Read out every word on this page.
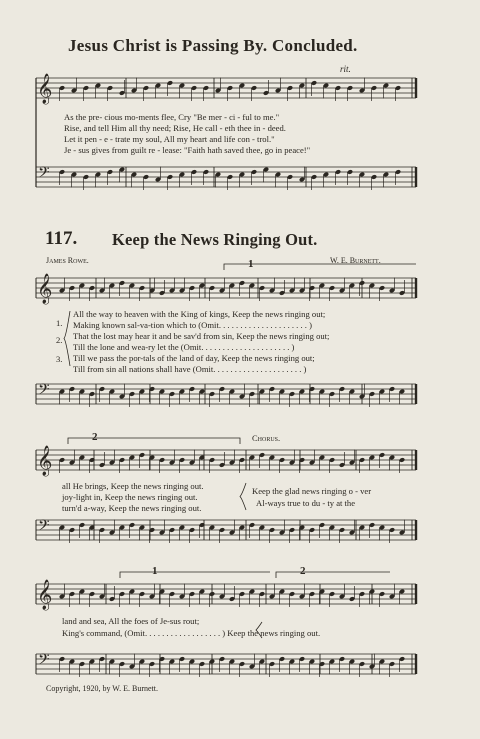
Jesus Christ is Passing By. Concluded.
𝄞
𝄢
𝄞
𝄢
𝄞
𝄢
𝄞
𝄢
rit.
As the pre- cious mo-ments flee, Cry "Be mer - ci - ful to me."
Rise, and tell Him all thy need; Rise, He call - eth thee in - deed.
Let it pen - e - trate my soul, All my heart and life con - trol."
Je - sus gives from guilt re - lease: "Faith hath saved thee, go in peace!"
117. Keep the News Ringing Out.
James Rowe.	W. E. Burnett.
1
2	Chorus.
1	2
1.
2.
3.
All the way to heaven with the King of kings, Keep the news ringing out;
Making known sal-va-tion which to (Omit. . . . . . . . . . . . . . . . . . . . . )
That the lost may hear it and be sav'd from sin, Keep the news ringing out;
Till the lone and wea-ry let the (Omit. . . . . . . . . . . . . . . . . . . . . )
Till we pass the por-tals of the land of day, Keep the news ringing out;
Till from sin all nations shall have (Omit. . . . . . . . . . . . . . . . . . . . . )
all He brings, Keep the news ringing out.
joy-light in, Keep the news ringing out.
turn'd a-way, Keep the news ringing out.
Keep the glad news ringing o - ver
Al-ways true to du - ty at the
land and sea, All the foes of Je-sus rout;
King's command, (Omit. . . . . . . . . . . . . . . . . . ) Keep the news ringing out.
Copyright, 1920, by W. E. Burnett.
